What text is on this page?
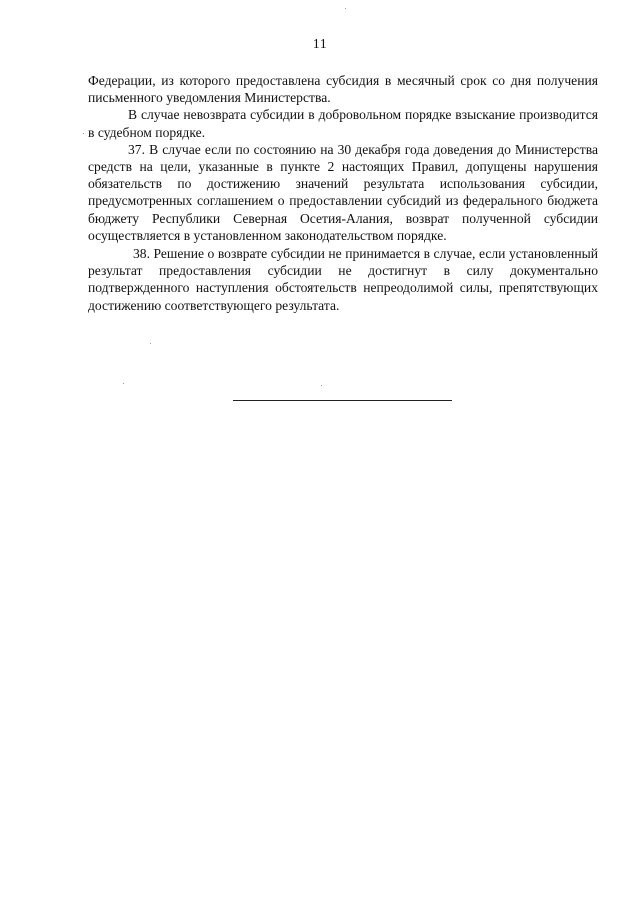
11

Федерации, из которого предоставлена субсидия в месячный срок со дня получения письменного уведомления Министерства.

В случае невозврата субсидии в добровольном порядке взыскание производится в судебном порядке.

37. В случае если по состоянию на 30 декабря года доведения до Министерства средств на цели, указанные в пункте 2 настоящих Правил, допущены нарушения обязательств по достижению значений результата использования субсидии, предусмотренных соглашением о предоставлении субсидий из федерального бюджета бюджету Республики Северная Осетия-Алания, возврат полученной субсидии осуществляется в установленном законодательством порядке.

38. Решение о возврате субсидии не принимается в случае, если установленный результат предоставления субсидии не достигнут в силу документально подтвержденного наступления обстоятельств непреодолимой силы, препятствующих достижению соответствующего результата.
